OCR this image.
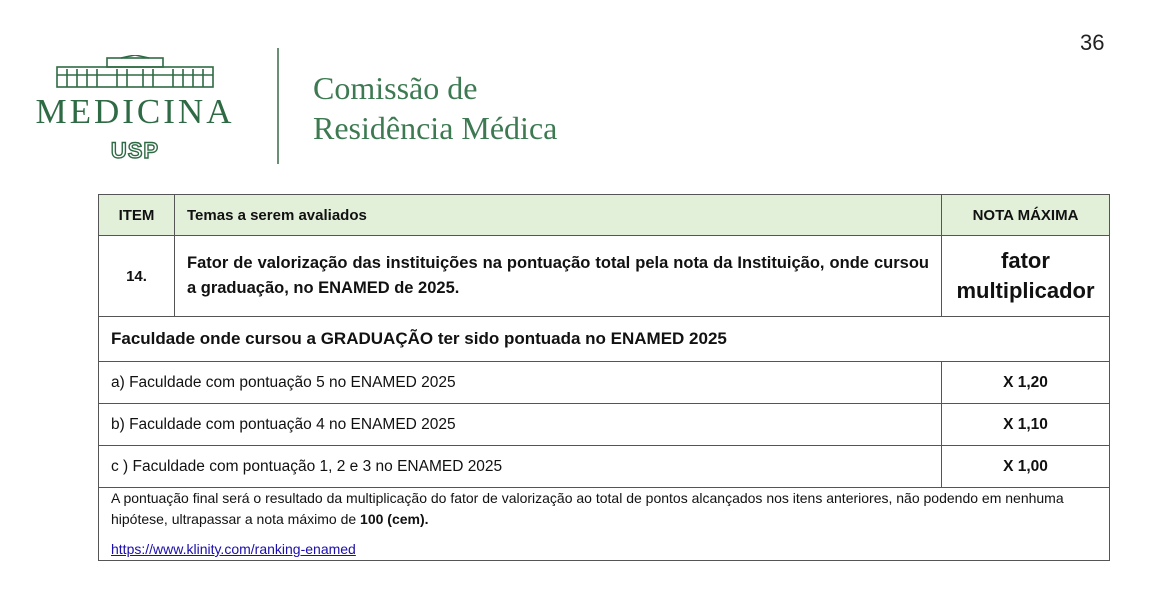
36
MEDICINA
USP
Comissão de
Residência Médica
ITEM	Temas a serem avaliados	NOTA MÁXIMA
14.	Fator de valorização das instituições na pontuação total pela nota da Instituição, onde cursou a graduação, no ENAMED de 2025.	fator
multiplicador

Faculdade onde cursou a GRADUAÇÃO ter sido pontuada no ENAMED 2025		
a) Faculdade com pontuação 5 no ENAMED 2025		X 1,20
b) Faculdade com pontuação 4 no ENAMED 2025		X 1,10
c ) Faculdade com pontuação 1, 2 e 3 no ENAMED 2025		X 1,00

A pontuação final será o resultado da multiplicação do fator de valorização ao total de pontos alcançados nos itens anteriores, não podendo em nenhuma hipótese, ultrapassar a nota máximo de 100 (cem).

https://www.klinity.com/ranking-enamed		
